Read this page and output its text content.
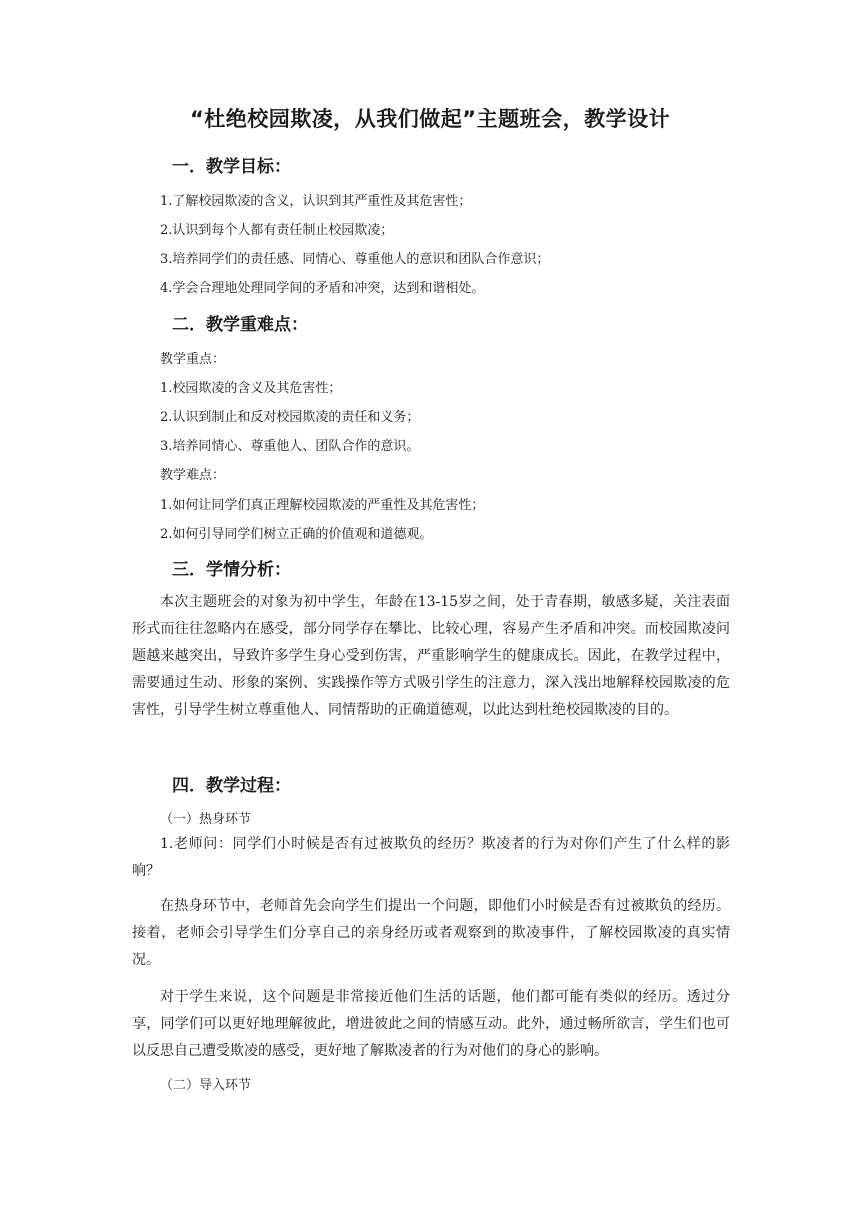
“杜绝校园欺凌，从我们做起”主题班会，教学设计
一．教学目标：
1.了解校园欺凌的含义，认识到其严重性及其危害性；
2.认识到每个人都有责任制止校园欺凌；
3.培养同学们的责任感、同情心、尊重他人的意识和团队合作意识；
4.学会合理地处理同学间的矛盾和冲突，达到和谐相处。
二．教学重难点：
教学重点：
1.校园欺凌的含义及其危害性；
2.认识到制止和反对校园欺凌的责任和义务；
3.培养同情心、尊重他人、团队合作的意识。
教学难点：
1.如何让同学们真正理解校园欺凌的严重性及其危害性；
2.如何引导同学们树立正确的价值观和道德观。
三．学情分析：
本次主题班会的对象为初中学生，年龄在13-15岁之间，处于青春期，敏感多疑，关注表面形式而往往忽略内在感受，部分同学存在攀比、比较心理，容易产生矛盾和冲突。而校园欺凌问题越来越突出，导致许多学生身心受到伤害，严重影响学生的健康成长。因此，在教学过程中，需要通过生动、形象的案例、实践操作等方式吸引学生的注意力，深入浅出地解释校园欺凌的危害性，引导学生树立尊重他人、同情帮助的正确道德观，以此达到杜绝校园欺凌的目的。
四．教学过程：
（一）热身环节
1.老师问：同学们小时候是否有过被欺负的经历？欺凌者的行为对你们产生了什么样的影响？
在热身环节中，老师首先会向学生们提出一个问题，即他们小时候是否有过被欺负的经历。接着，老师会引导学生们分享自己的亲身经历或者观察到的欺凌事件，了解校园欺凌的真实情况。
对于学生来说，这个问题是非常接近他们生活的话题，他们都可能有类似的经历。透过分享，同学们可以更好地理解彼此，增进彼此之间的情感互动。此外，通过畅所欲言，学生们也可以反思自己遭受欺凌的感受，更好地了解欺凌者的行为对他们的身心的影响。
（二）导入环节
